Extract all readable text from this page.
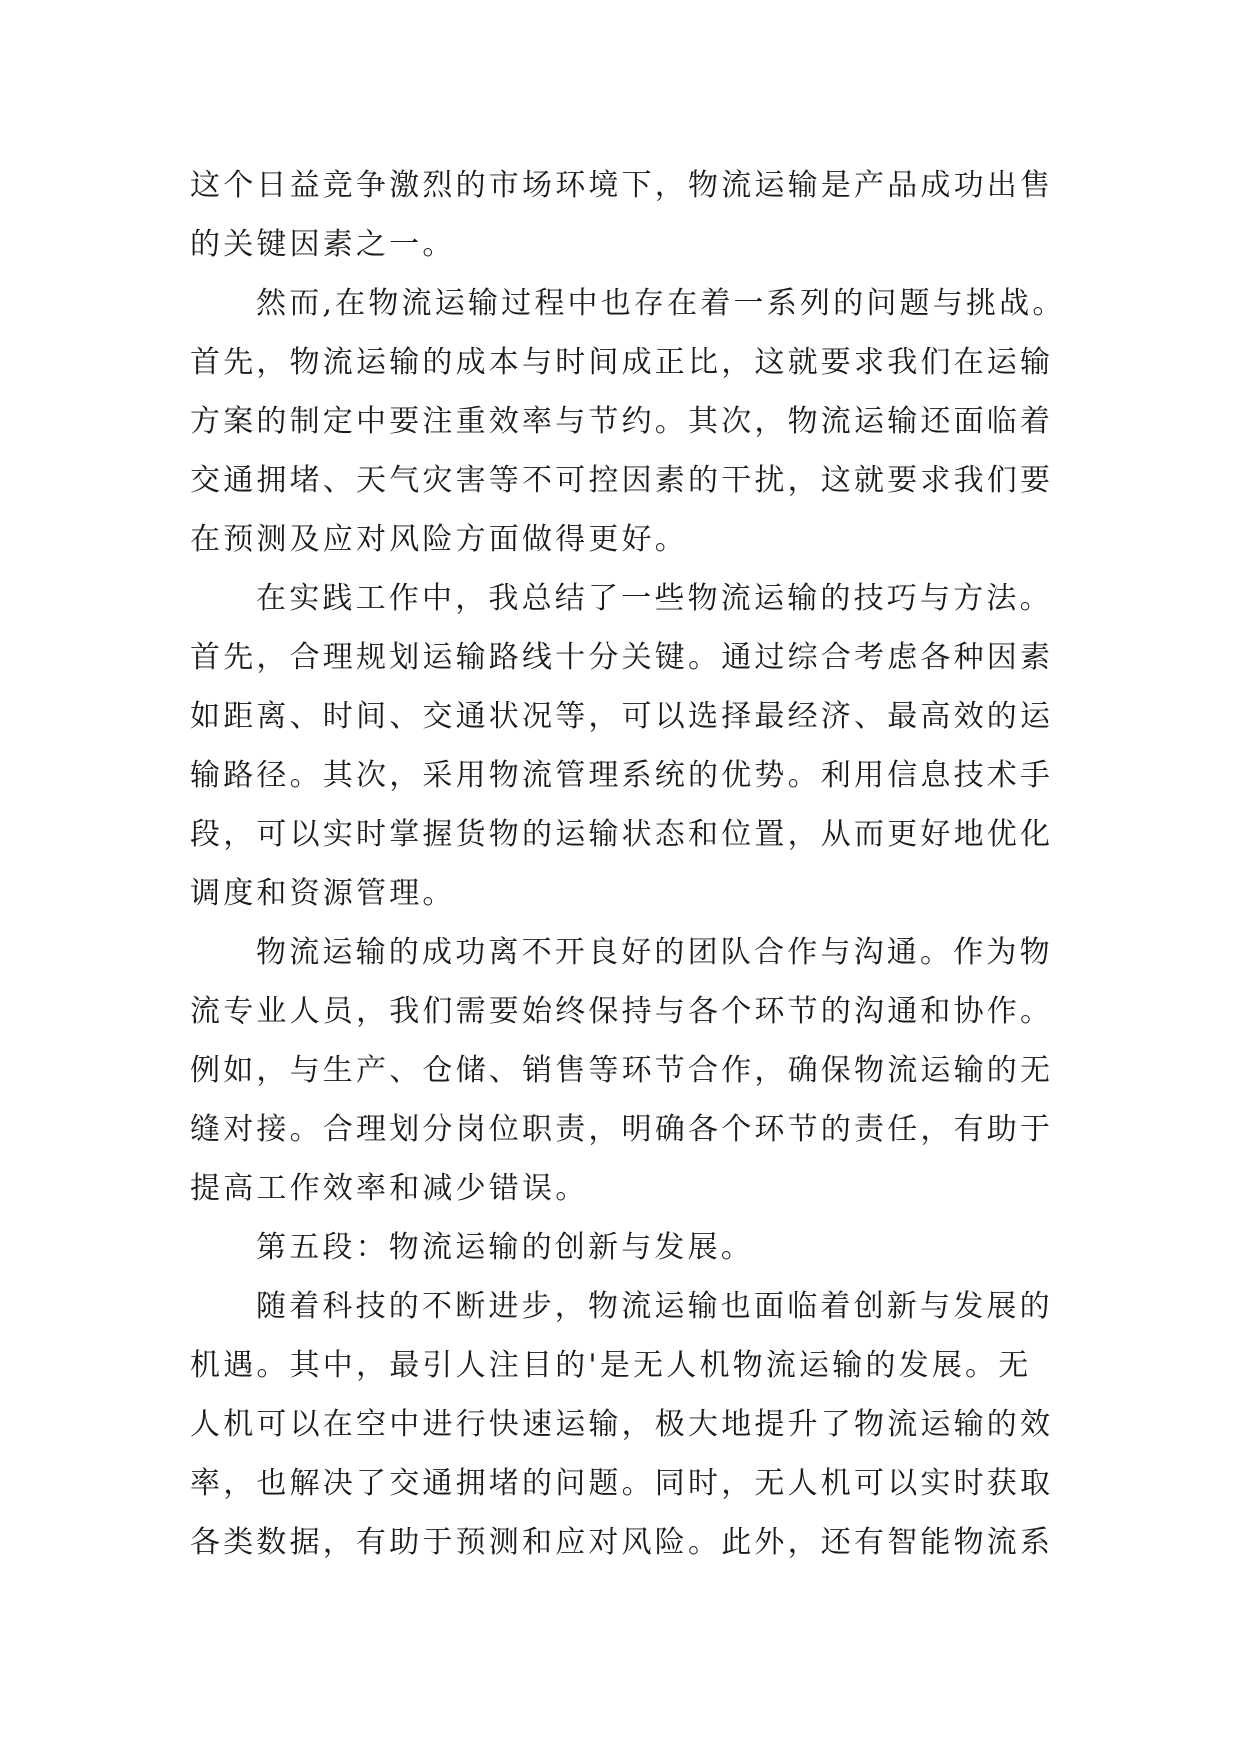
这个日益竞争激烈的市场环境下，物流运输是产品成功出售
的关键因素之一。
然而,在物流运输过程中也存在着一系列的问题与挑战。
首先，物流运输的成本与时间成正比，这就要求我们在运输
方案的制定中要注重效率与节约。其次，物流运输还面临着
交通拥堵、天气灾害等不可控因素的干扰，这就要求我们要
在预测及应对风险方面做得更好。
在实践工作中，我总结了一些物流运输的技巧与方法。
首先，合理规划运输路线十分关键。通过综合考虑各种因素
如距离、时间、交通状况等，可以选择最经济、最高效的运
输路径。其次，采用物流管理系统的优势。利用信息技术手
段，可以实时掌握货物的运输状态和位置，从而更好地优化
调度和资源管理。
物流运输的成功离不开良好的团队合作与沟通。作为物
流专业人员，我们需要始终保持与各个环节的沟通和协作。
例如，与生产、仓储、销售等环节合作，确保物流运输的无
缝对接。合理划分岗位职责，明确各个环节的责任，有助于
提高工作效率和减少错误。
第五段：物流运输的创新与发展。
随着科技的不断进步，物流运输也面临着创新与发展的
机遇。其中，最引人注目的'是无人机物流运输的发展。无
人机可以在空中进行快速运输，极大地提升了物流运输的效
率，也解决了交通拥堵的问题。同时，无人机可以实时获取
各类数据，有助于预测和应对风险。此外，还有智能物流系
